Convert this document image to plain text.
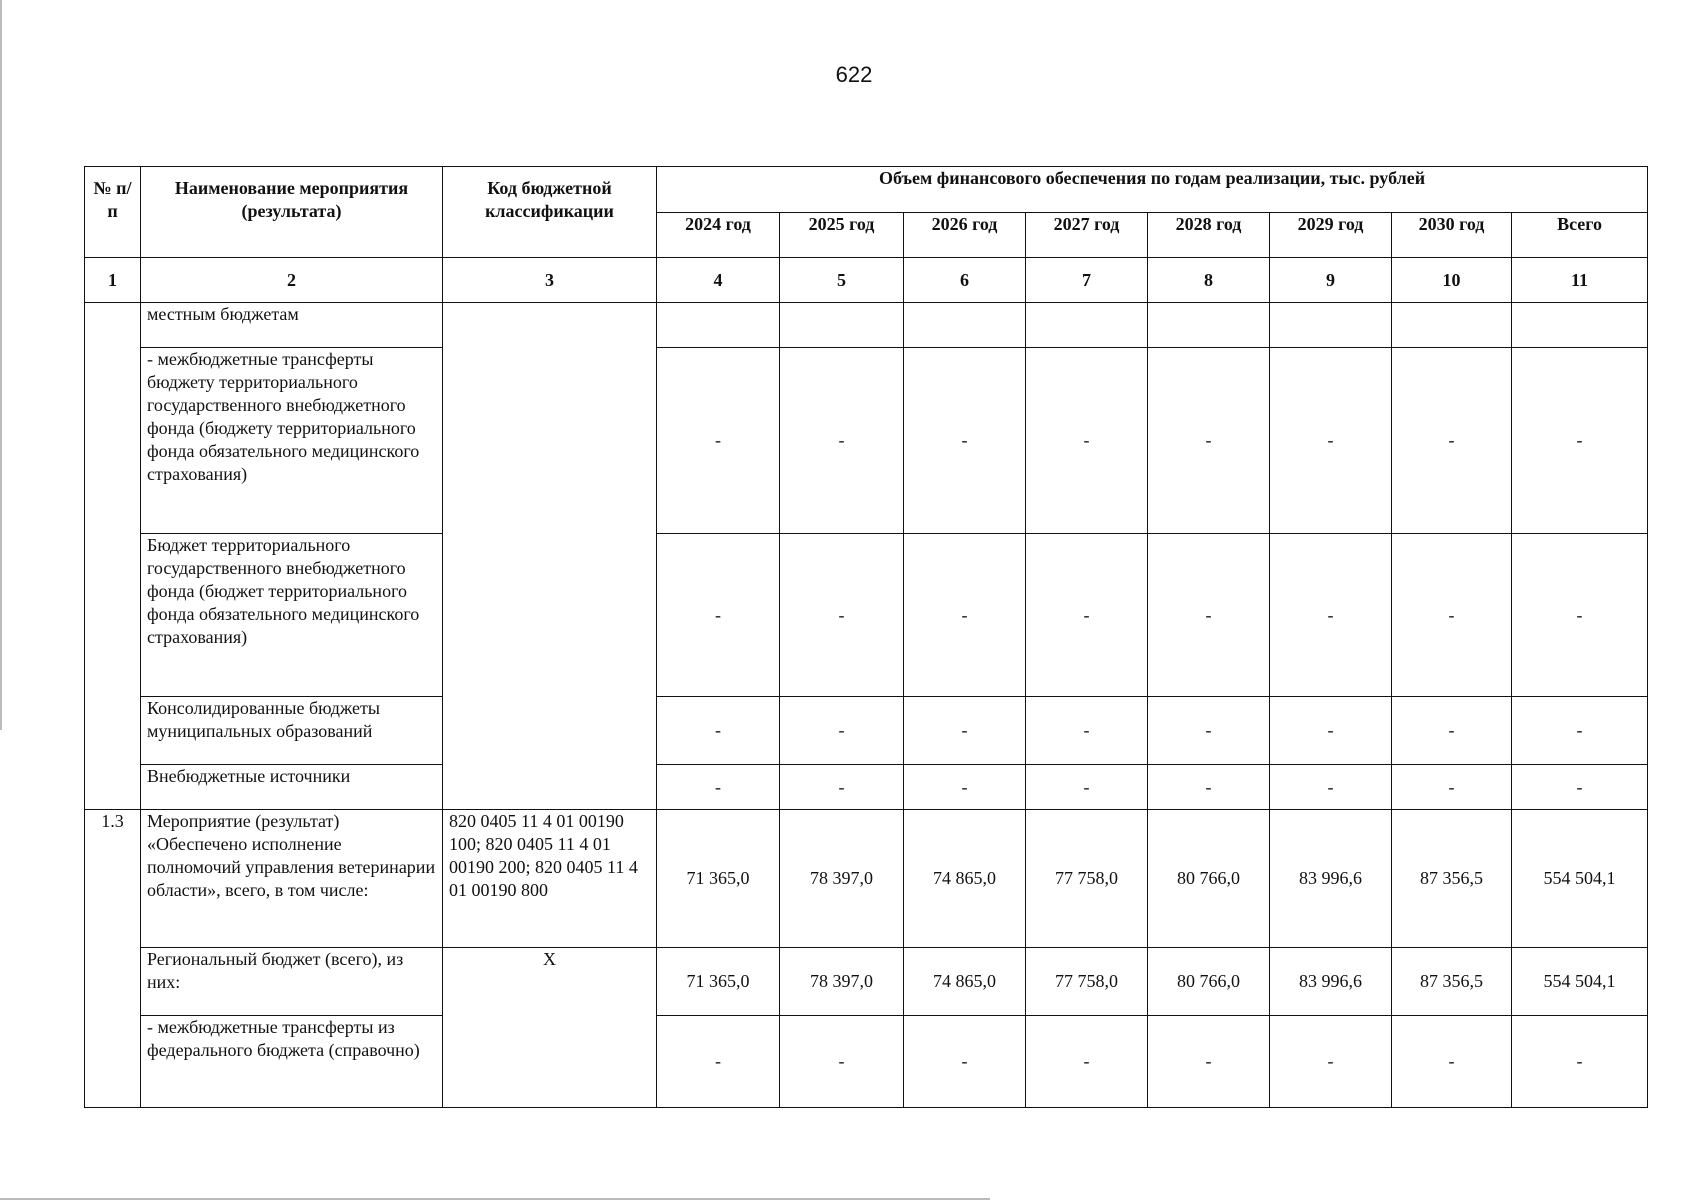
622
№ п/п	Наименование мероприятия (результата)	Код бюджетной классификации	Объем финансового обеспечения по годам реализации, тыс. рублей							
			2024 год	2025 год	2026 год	2027 год	2028 год	2029 год	2030 год	Всего
1	2	3	4	5	6	7	8	9	10	11
	местным бюджетам									
	- межбюджетные трансферты бюджету территориального государственного внебюджетного фонда (бюджету территориального фонда обязательного медицинского страхования)		-	-	-	-	-	-	-	-
	Бюджет территориального государственного внебюджетного фонда (бюджет территориального фонда обязательного медицинского страхования)		-	-	-	-	-	-	-	-
	Консолидированные бюджеты муниципальных образований		-	-	-	-	-	-	-	-
	Внебюджетные источники		-	-	-	-	-	-	-	-
1.3	Мероприятие (результат) «Обеспечено исполнение полномочий управления ветеринарии области», всего, в том числе:	820 0405 11 4 01 00190 100; 820 0405 11 4 01 00190 200; 820 0405 11 4 01 00190 800	71 365,0	78 397,0	74 865,0	77 758,0	80 766,0	83 996,6	87 356,5	554 504,1
	Региональный бюджет (всего), из них:	X	71 365,0	78 397,0	74 865,0	77 758,0	80 766,0	83 996,6	87 356,5	554 504,1
	- межбюджетные трансферты из федерального бюджета (справочно)		-	-	-	-	-	-	-	-
